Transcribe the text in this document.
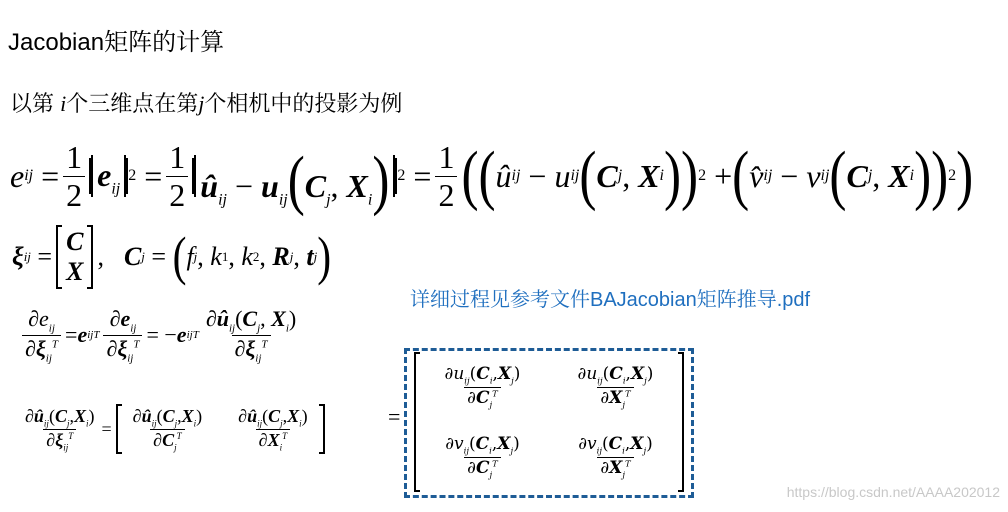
Jacobian矩阵的计算
以第 i个三维点在第j个相机中的投影为例
e ij = $\frac{1}{2} e_{ij}$
$2 = \frac{1}{2}$ $û_{ij} - u_{ij}(C_j$, $X_i$) $2 = \frac{1}{2}$ (( û ij − u ij ( C j , X i )) 2 + ( v̂ ij − v ij ( C j , X i )) 2 )
ξ ij =
C
X
, C j = ( f j , k 1 , k 2 , R j , t j )
$\frac{\partial e_{ij}}{\partial\xi_{ij}^T} = e$ ij T $\frac{\partial e_{ij}}{\partial\xi_{ij}^T}$ = − e ij T $\frac{\partial û_{ij}(C_j, X_i)}{\partial\xi_{ij}^T}$
$\frac{\partial û_{ij}(C_j,X_i)}{\partial\xi_{ij}^T} = \frac{\partial û_{ij}(C_j,X_i)}{\partial C_j^T} \frac{\partial û_{ij}(C_j,X_i)}{\partial X_i^T}$
详细过程见参考文件BAJacobian矩阵推导.pdf
=
$\frac{\partial u_{ij}(C_i,X_j)}{\partial C_j^T}$	$\frac{\partial u_{ij}(C_i,X_j)}{\partial X_j^T}$
$\frac{\partial v_{ij}(C_i,X_j)}{\partial C_j^T}$	$\frac{\partial v_{ij}(C_i,X_j)}{\partial X_j^T}$
https://blog.csdn.net/AAAA202012
